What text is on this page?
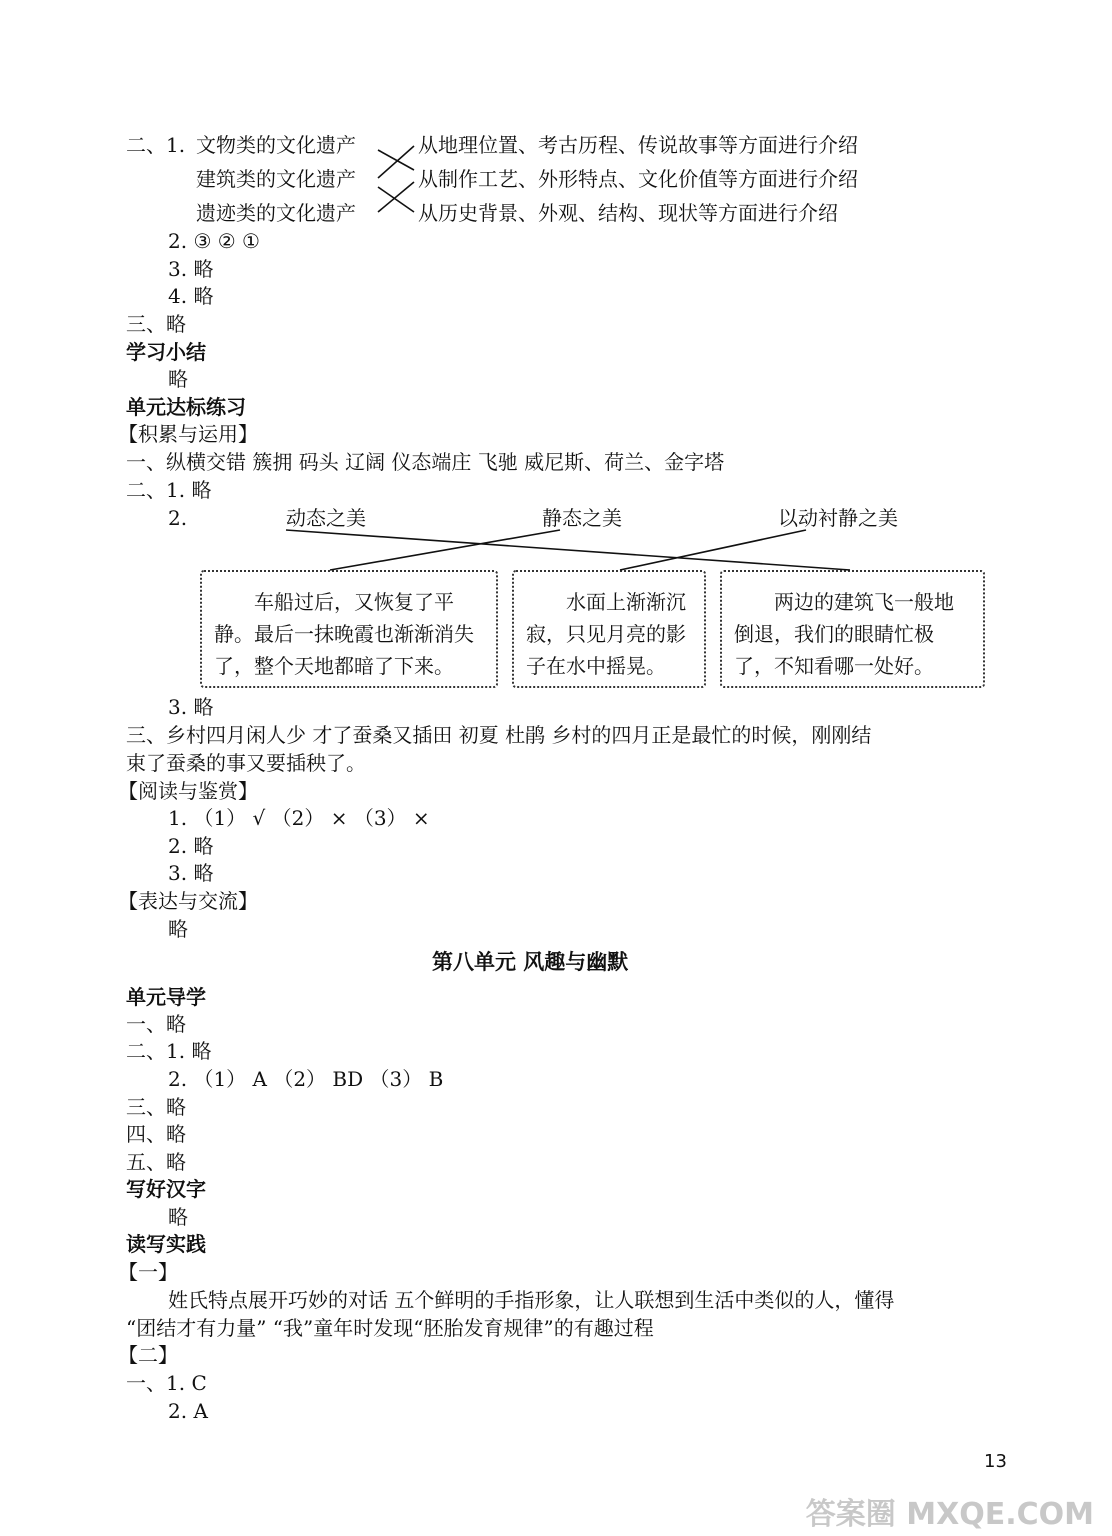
二、1. 文物类的文化遗产
建筑类的文化遗产
遗迹类的文化遗产
从地理位置、考古历程、传说故事等方面进行介绍
从制作工艺、外形特点、文化价值等方面进行介绍
从历史背景、外观、结构、现状等方面进行介绍
2. ③ ② ①
3. 略
4. 略
三、略
学习小结
略
单元达标练习
【积累与运用】
一、纵横交错 簇拥 码头 辽阔 仪态端庄 飞驰 威尼斯、荷兰、金字塔
二、1. 略
2.	动态之美	静态之美	以动衬静之美

车船过后，又恢复了平静。最后一抹晚霞也渐渐消失了，整个天地都暗了下来。

水面上渐渐沉寂，只见月亮的影子在水中摇晃。

两边的建筑飞一般地倒退，我们的眼睛忙极了，不知看哪一处好。

3. 略
三、乡村四月闲人少 才了蚕桑又插田 初夏 杜鹃 乡村的四月正是最忙的时候，刚刚结
束了蚕桑的事又要插秧了。
【阅读与鉴赏】
1. （1） √ （2） × （3） ×
2. 略
3. 略
【表达与交流】
略
第八单元 风趣与幽默
单元导学
一、略
二、1. 略
2. （1） A （2） BD （3） B
三、略
四、略
五、略
写好汉字
略
读写实践
【一】
姓氏特点展开巧妙的对话 五个鲜明的手指形象，让人联想到生活中类似的人，懂得
“团结才有力量” “我”童年时发现“胚胎发育规律”的有趣过程
【二】
一、1. C
2. A
13
答案圈 MXQE.COM
